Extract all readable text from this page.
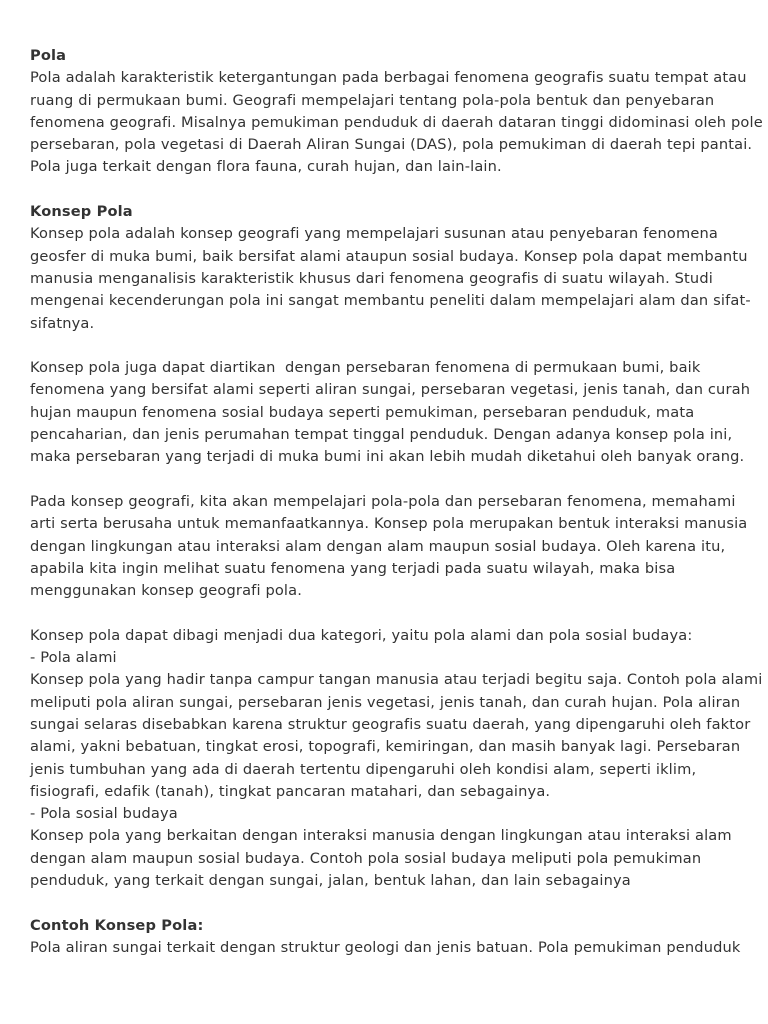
Pola
Pola adalah karakteristik ketergantungan pada berbagai fenomena geografis suatu tempat atau
ruang di permukaan bumi. Geografi mempelajari tentang pola-pola bentuk dan penyebaran
fenomena geografi. Misalnya pemukiman penduduk di daerah dataran tinggi didominasi oleh pole
persebaran, pola vegetasi di Daerah Aliran Sungai (DAS), pola pemukiman di daerah tepi pantai.
Pola juga terkait dengan flora fauna, curah hujan, dan lain-lain.
Konsep Pola
Konsep pola adalah konsep geografi yang mempelajari susunan atau penyebaran fenomena
geosfer di muka bumi, baik bersifat alami ataupun sosial budaya. Konsep pola dapat membantu
manusia menganalisis karakteristik khusus dari fenomena geografis di suatu wilayah. Studi
mengenai kecenderungan pola ini sangat membantu peneliti dalam mempelajari alam dan sifat-
sifatnya.
Konsep pola juga dapat diartikan  dengan persebaran fenomena di permukaan bumi, baik
fenomena yang bersifat alami seperti aliran sungai, persebaran vegetasi, jenis tanah, dan curah
hujan maupun fenomena sosial budaya seperti pemukiman, persebaran penduduk, mata
pencaharian, dan jenis perumahan tempat tinggal penduduk. Dengan adanya konsep pola ini,
maka persebaran yang terjadi di muka bumi ini akan lebih mudah diketahui oleh banyak orang.
Pada konsep geografi, kita akan mempelajari pola-pola dan persebaran fenomena, memahami
arti serta berusaha untuk memanfaatkannya. Konsep pola merupakan bentuk interaksi manusia
dengan lingkungan atau interaksi alam dengan alam maupun sosial budaya. Oleh karena itu,
apabila kita ingin melihat suatu fenomena yang terjadi pada suatu wilayah, maka bisa
menggunakan konsep geografi pola.
Konsep pola dapat dibagi menjadi dua kategori, yaitu pola alami dan pola sosial budaya:
- Pola alami
Konsep pola yang hadir tanpa campur tangan manusia atau terjadi begitu saja. Contoh pola alami
meliputi pola aliran sungai, persebaran jenis vegetasi, jenis tanah, dan curah hujan. Pola aliran
sungai selaras disebabkan karena struktur geografis suatu daerah, yang dipengaruhi oleh faktor
alami, yakni bebatuan, tingkat erosi, topografi, kemiringan, dan masih banyak lagi. Persebaran
jenis tumbuhan yang ada di daerah tertentu dipengaruhi oleh kondisi alam, seperti iklim,
fisiografi, edafik (tanah), tingkat pancaran matahari, dan sebagainya.
- Pola sosial budaya
Konsep pola yang berkaitan dengan interaksi manusia dengan lingkungan atau interaksi alam
dengan alam maupun sosial budaya. Contoh pola sosial budaya meliputi pola pemukiman
penduduk, yang terkait dengan sungai, jalan, bentuk lahan, dan lain sebagainya
Contoh Konsep Pola:
Pola aliran sungai terkait dengan struktur geologi dan jenis batuan. Pola pemukiman penduduk
